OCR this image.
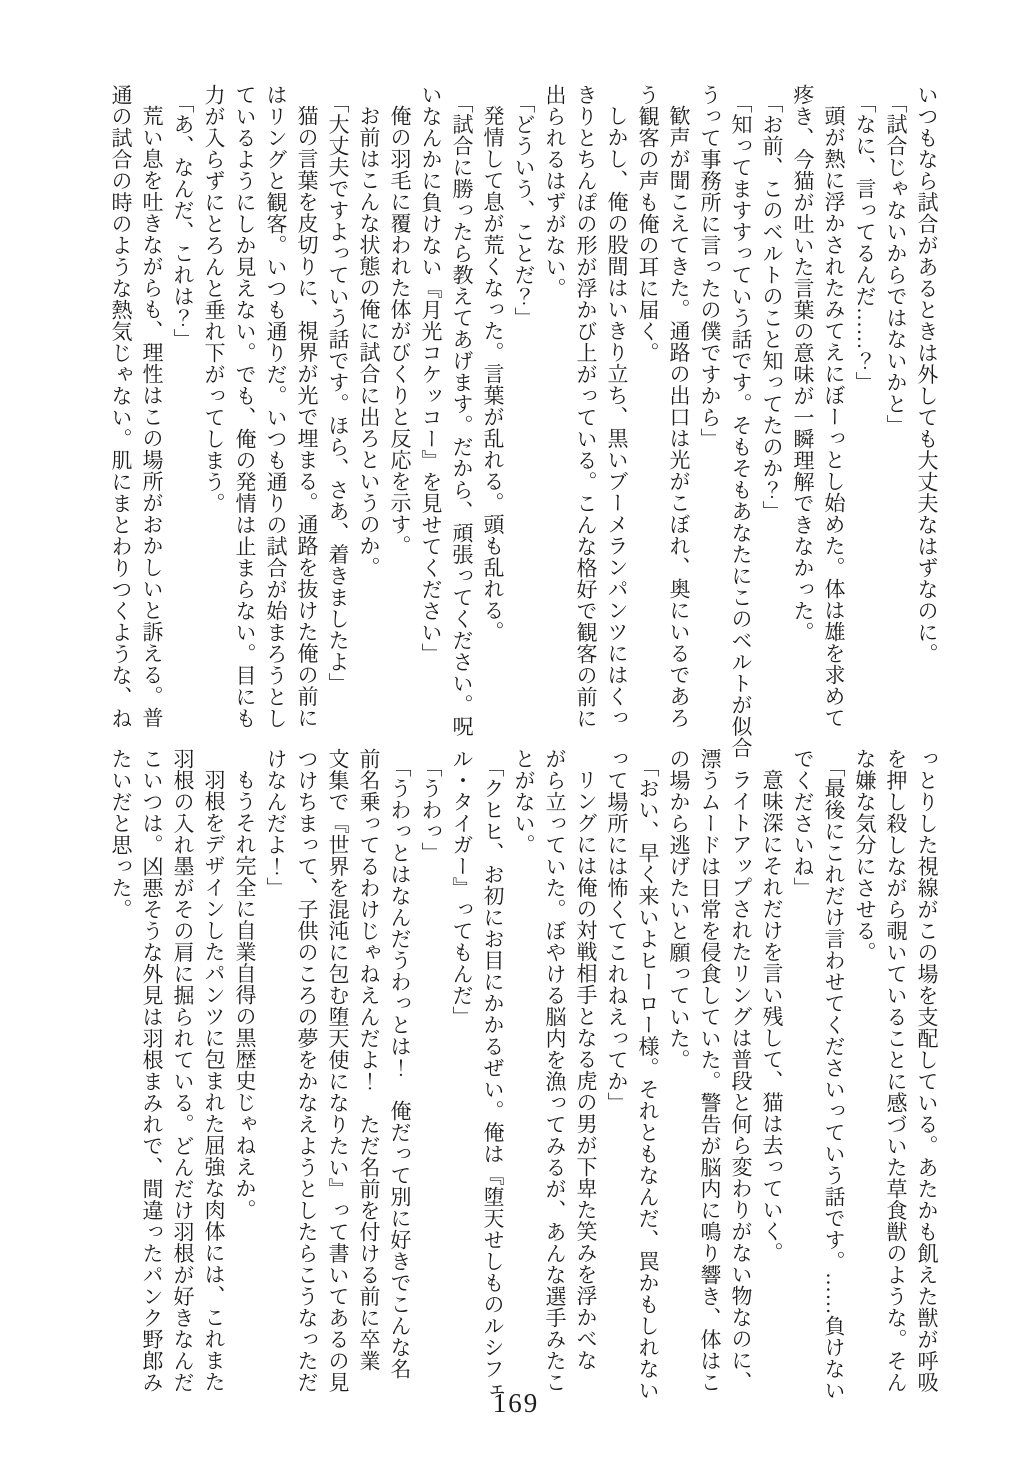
いつもなら試合があるときは外しても大丈夫なはずなのに。

「試合じゃないからではないかと」

「なに、言ってるんだ……？」

頭が熱に浮かされたみてえにぼーっとし始めた。体は雄を求めて

疼き、今猫が吐いた言葉の意味が一瞬理解できなかった。

「お前、このベルトのこと知ってたのか？」

「知ってますすっていう話です。そもそもあなたにこのベルトが似合

うって事務所に言ったの僕ですから」

歓声が聞こえてきた。通路の出口は光がこぼれ、奥にいるであろ

う観客の声も俺の耳に届く。

しかし、俺の股間はいきり立ち、黒いブーメランパンツにはくっ

きりとちんぽの形が浮かび上がっている。こんな格好で観客の前に

出られるはずがない。

「どういう、ことだ？」

発情して息が荒くなった。言葉が乱れる。頭も乱れる。

「試合に勝ったら教えてあげます。だから、頑張ってください。呪

いなんかに負けない『月光コケッコー』を見せてください」

俺の羽毛に覆われた体がびくりと反応を示す。

お前はこんな状態の俺に試合に出ろというのか。

「大丈夫ですよっていう話です。ほら、さあ、着きましたよ」

猫の言葉を皮切りに、視界が光で埋まる。通路を抜けた俺の前に

はリングと観客。いつも通りだ。いつも通りの試合が始まろうとし

ているようにしか見えない。でも、俺の発情は止まらない。目にも

力が入らずにとろんと垂れ下がってしまう。

「あ、なんだ、これは？」

荒い息を吐きながらも、理性はこの場所がおかしいと訴える。普

通の試合の時のような熱気じゃない。肌にまとわりつくような、ね

っとりした視線がこの場を支配している。あたかも飢えた獣が呼吸

を押し殺しながら覗いていることに感づいた草食獣のような。そん

な嫌な気分にさせる。

「最後にこれだけ言わせてくださいっていう話です。……負けない

でくださいね」

意味深にそれだけを言い残して、猫は去っていく。

ライトアップされたリングは普段と何ら変わりがない物なのに、

漂うムードは日常を侵食していた。警告が脳内に鳴り響き、体はこ

の場から逃げたいと願っていた。

「おい、早く来いよヒーロー様。それともなんだ、罠かもしれない

って場所には怖くてこれねえってか」

リングには俺の対戦相手となる虎の男が下卑た笑みを浮かべな

がら立っていた。ぼやける脳内を漁ってみるが、あんな選手みたこ

とがない。

「クヒヒ、お初にお目にかかるぜい。俺は『堕天せしものルシフェ

ル・タイガー』ってもんだ」

「うわっ」

「うわっとはなんだうわっとは！　俺だって別に好きでこんな名

前名乗ってるわけじゃねえんだよ！　ただ名前を付ける前に卒業

文集で『世界を混沌に包む堕天使になりたい』って書いてあるの見

つけちまって、子供のころの夢をかなえようとしたらこうなっただ

けなんだよ！」

もうそれ完全に自業自得の黒歴史じゃねえか。

羽根をデザインしたパンツに包まれた屈強な肉体には、これまた

羽根の入れ墨がその肩に掘られている。どんだけ羽根が好きなんだ

こいつは。凶悪そうな外見は羽根まみれで、間違ったパンク野郎み

たいだと思った。

169
